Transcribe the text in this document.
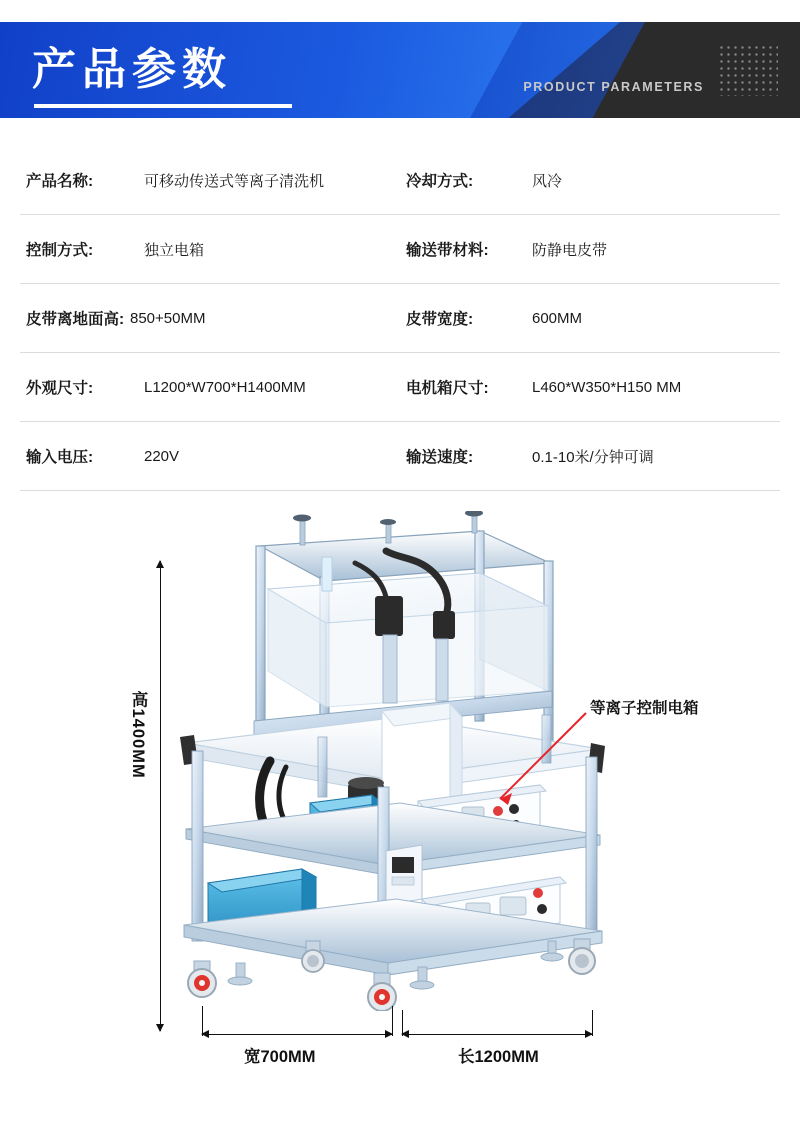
产品参数	PRODUCT PARAMETERS
产品名称:	可移动传送式等离子清洗机	冷却方式:	风冷
控制方式:	独立电箱	输送带材料:	防静电皮带
皮带离地面高: 850+50MM	皮带宽度:	600MM
外观尺寸:	L1200*W700*H1400MM	电机箱尺寸:	L460*W350*H150 MM
输入电压:	220V	输送速度:	0.1-10米/分钟可调
高1400MM
宽700MM	长1200MM
等离子控制电箱
